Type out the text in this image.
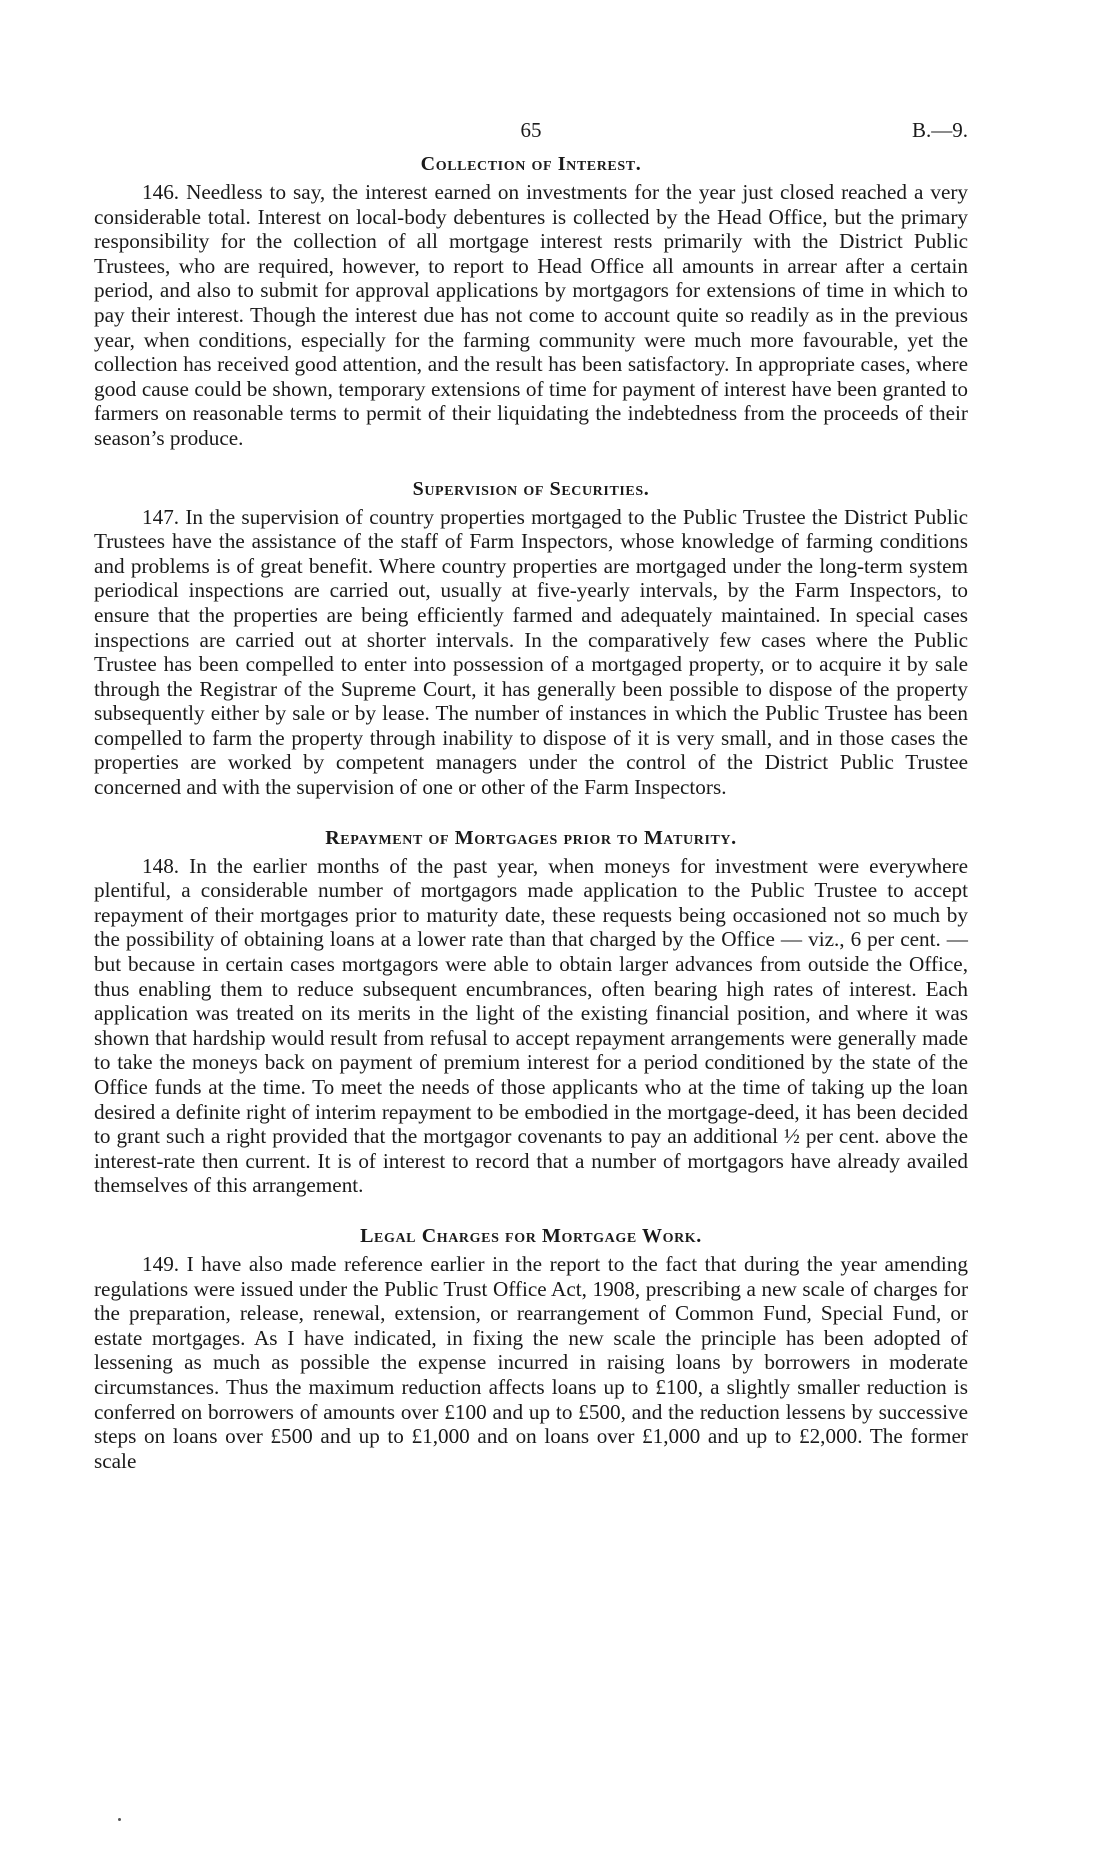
65	B.—9.
Collection of Interest.

146. Needless to say, the interest earned on investments for the year just closed reached a very considerable total. Interest on local-body debentures is collected by the Head Office, but the primary responsibility for the collection of all mortgage interest rests primarily with the District Public Trustees, who are required, however, to report to Head Office all amounts in arrear after a certain period, and also to submit for approval applications by mortgagors for extensions of time in which to pay their interest. Though the interest due has not come to account quite so readily as in the previous year, when conditions, especially for the farming community were much more favourable, yet the collection has received good attention, and the result has been satisfactory. In appropriate cases, where good cause could be shown, temporary extensions of time for payment of interest have been granted to farmers on reasonable terms to permit of their liquidating the indebtedness from the proceeds of their season’s produce.

Supervision of Securities.

147. In the supervision of country properties mortgaged to the Public Trustee the District Public Trustees have the assistance of the staff of Farm Inspectors, whose knowledge of farming conditions and problems is of great benefit. Where country properties are mortgaged under the long-term system periodical inspections are carried out, usually at five-yearly intervals, by the Farm Inspectors, to ensure that the properties are being efficiently farmed and adequately maintained. In special cases inspections are carried out at shorter intervals. In the comparatively few cases where the Public Trustee has been compelled to enter into possession of a mortgaged property, or to acquire it by sale through the Registrar of the Supreme Court, it has generally been possible to dispose of the property subsequently either by sale or by lease. The number of instances in which the Public Trustee has been compelled to farm the property through inability to dispose of it is very small, and in those cases the properties are worked by competent managers under the control of the District Public Trustee concerned and with the supervision of one or other of the Farm Inspectors.

Repayment of Mortgages prior to Maturity.

148. In the earlier months of the past year, when moneys for investment were everywhere plentiful, a considerable number of mortgagors made application to the Public Trustee to accept repayment of their mortgages prior to maturity date, these requests being occasioned not so much by the possibility of obtaining loans at a lower rate than that charged by the Office — viz., 6 per cent. — but because in certain cases mortgagors were able to obtain larger advances from outside the Office, thus enabling them to reduce subsequent encumbrances, often bearing high rates of interest. Each application was treated on its merits in the light of the existing financial position, and where it was shown that hardship would result from refusal to accept repayment arrangements were generally made to take the moneys back on payment of premium interest for a period conditioned by the state of the Office funds at the time. To meet the needs of those applicants who at the time of taking up the loan desired a definite right of interim repayment to be embodied in the mortgage-deed, it has been decided to grant such a right provided that the mortgagor covenants to pay an additional ½ per cent. above the interest-rate then current. It is of interest to record that a number of mortgagors have already availed themselves of this arrangement.

Legal Charges for Mortgage Work.

149. I have also made reference earlier in the report to the fact that during the year amending regulations were issued under the Public Trust Office Act, 1908, prescribing a new scale of charges for the preparation, release, renewal, extension, or rearrangement of Common Fund, Special Fund, or estate mortgages. As I have indicated, in fixing the new scale the principle has been adopted of lessening as much as possible the expense incurred in raising loans by borrowers in moderate circumstances. Thus the maximum reduction affects loans up to £100, a slightly smaller reduction is conferred on borrowers of amounts over £100 and up to £500, and the reduction lessens by successive steps on loans over £500 and up to £1,000 and on loans over £1,000 and up to £2,000. The former scale
